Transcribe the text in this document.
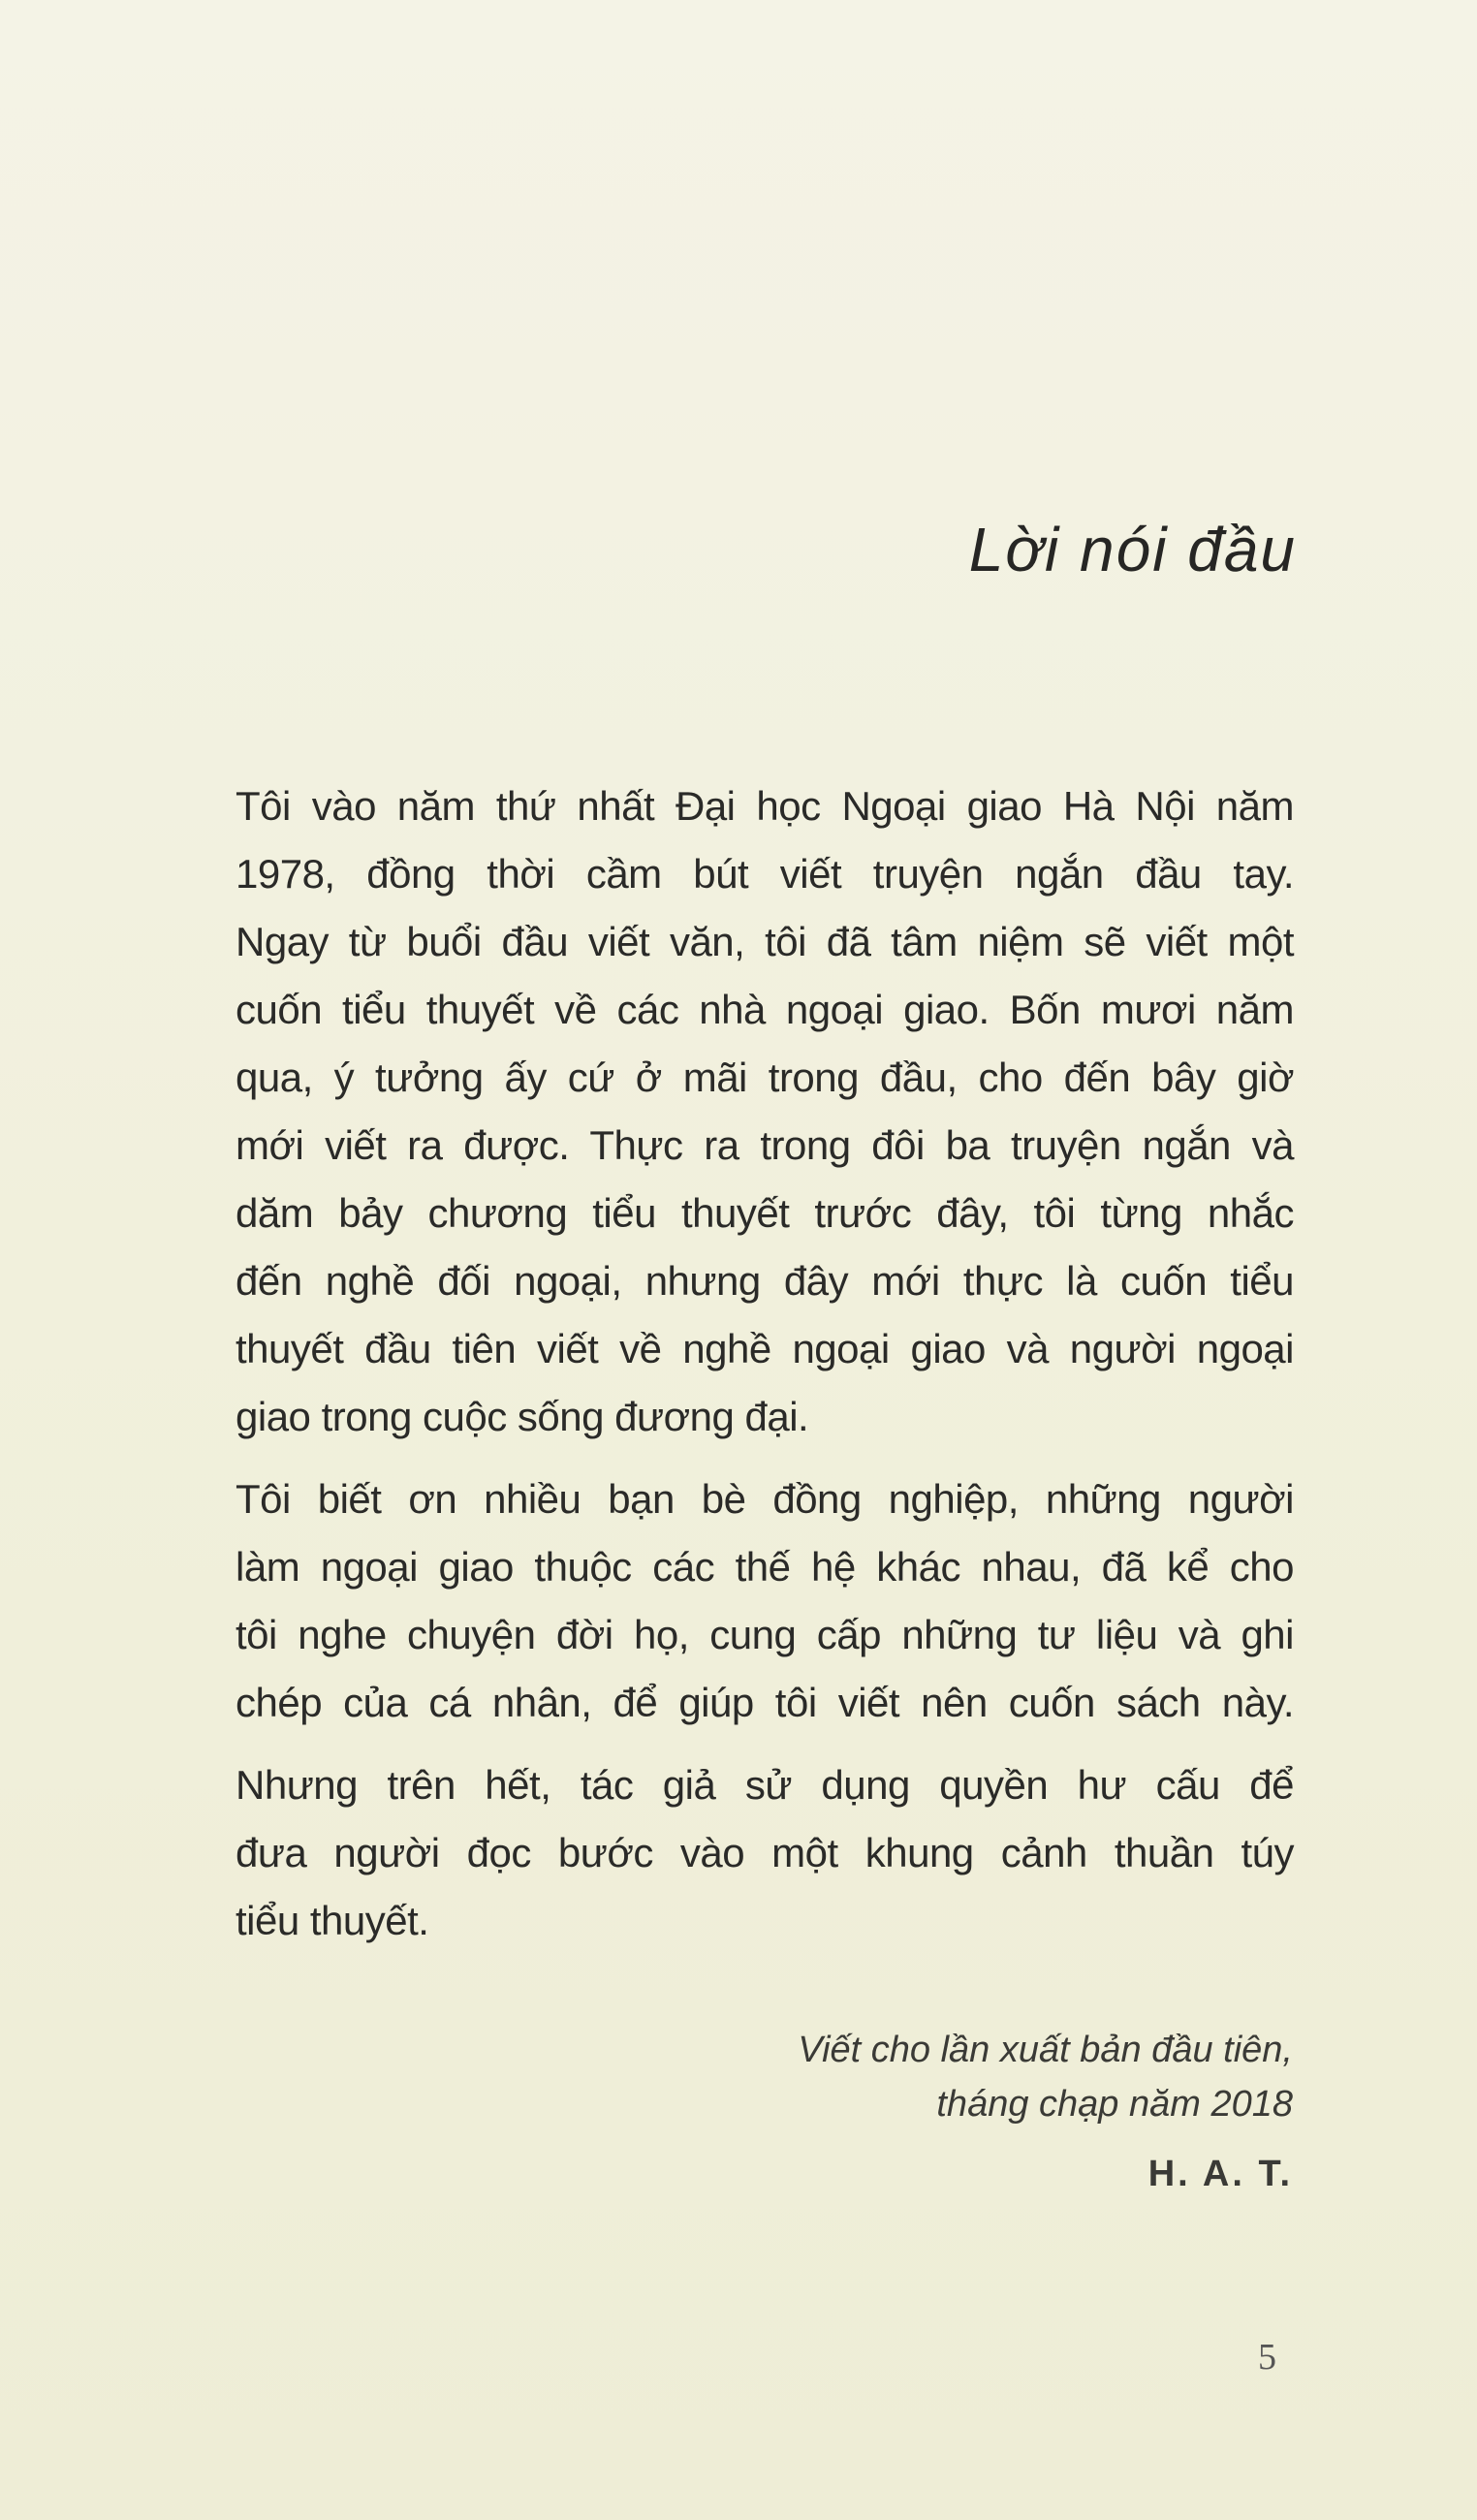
Lời nói đầu
Tôi vào năm thứ nhất Đại học Ngoại giao Hà Nội năm
1978, đồng thời cầm bút viết truyện ngắn đầu tay.
Ngay từ buổi đầu viết văn, tôi đã tâm niệm sẽ viết một
cuốn tiểu thuyết về các nhà ngoại giao. Bốn mươi năm
qua, ý tưởng ấy cứ ở mãi trong đầu, cho đến bây giờ
mới viết ra được. Thực ra trong đôi ba truyện ngắn và
dăm bảy chương tiểu thuyết trước đây, tôi từng nhắc
đến nghề đối ngoại, nhưng đây mới thực là cuốn tiểu
thuyết đầu tiên viết về nghề ngoại giao và người ngoại
giao trong cuộc sống đương đại.
Tôi biết ơn nhiều bạn bè đồng nghiệp, những người
làm ngoại giao thuộc các thế hệ khác nhau, đã kể cho
tôi nghe chuyện đời họ, cung cấp những tư liệu và ghi
chép của cá nhân, để giúp tôi viết nên cuốn sách này.
Nhưng trên hết, tác giả sử dụng quyền hư cấu để
đưa người đọc bước vào một khung cảnh thuần túy
tiểu thuyết.
Viết cho lần xuất bản đầu tiên,
tháng chạp năm 2018
H. A. T.
5
